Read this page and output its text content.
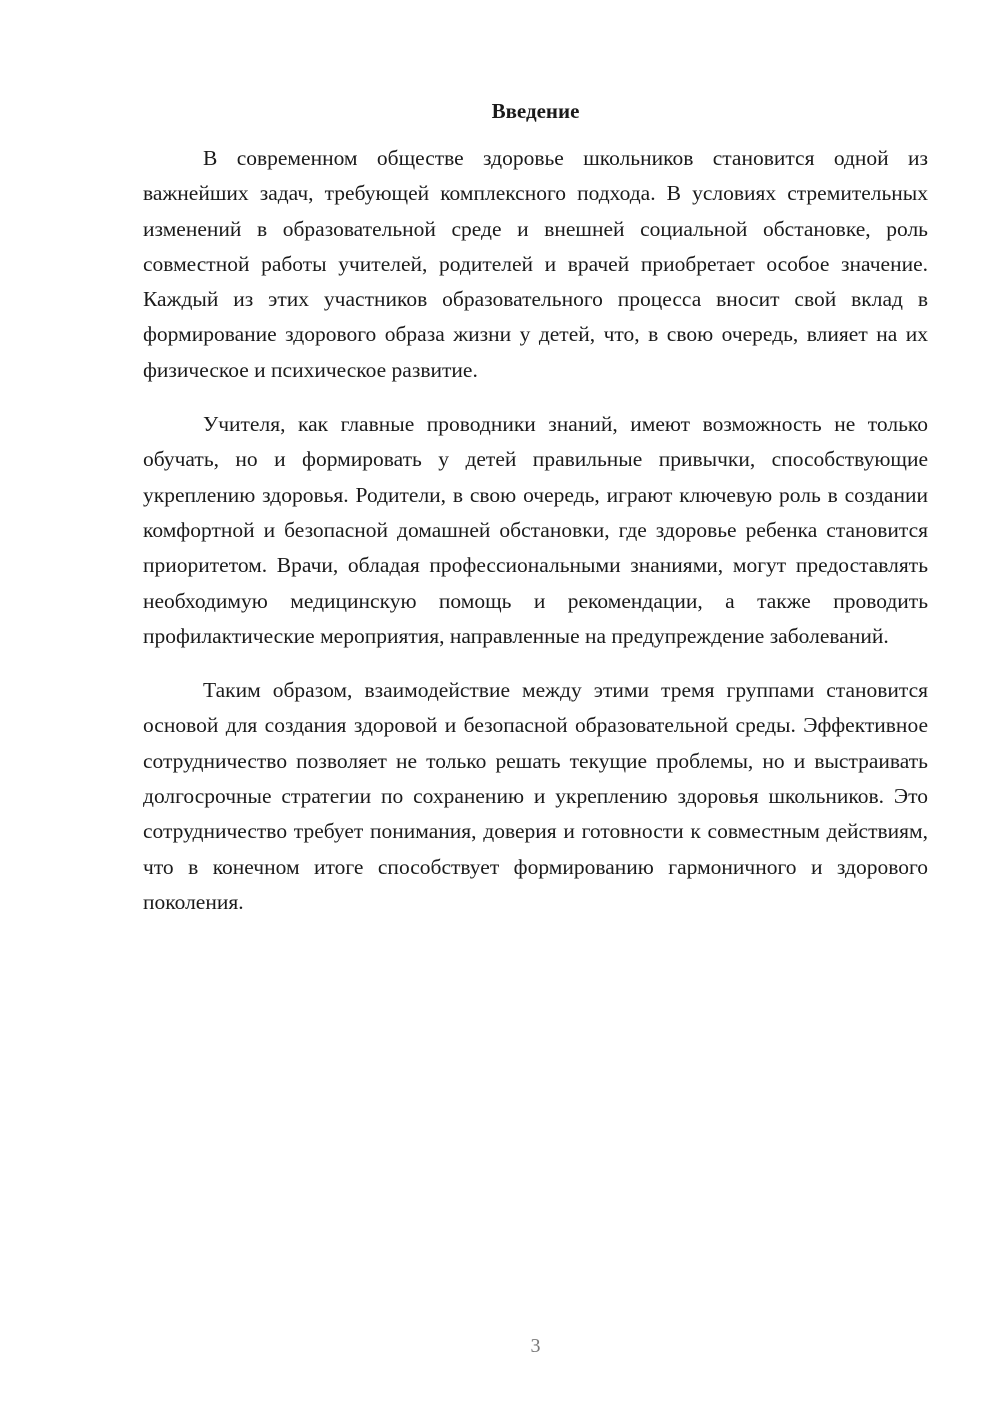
Введение

В современном обществе здоровье школьников становится одной из важнейших задач, требующей комплексного подхода. В условиях стремительных изменений в образовательной среде и внешней социальной обстановке, роль совместной работы учителей, родителей и врачей приобретает особое значение. Каждый из этих участников образовательного процесса вносит свой вклад в формирование здорового образа жизни у детей, что, в свою очередь, влияет на их физическое и психическое развитие.

Учителя, как главные проводники знаний, имеют возможность не только обучать, но и формировать у детей правильные привычки, способствующие укреплению здоровья. Родители, в свою очередь, играют ключевую роль в создании комфортной и безопасной домашней обстановки, где здоровье ребенка становится приоритетом. Врачи, обладая профессиональными знаниями, могут предоставлять необходимую медицинскую помощь и рекомендации, а также проводить профилактические мероприятия, направленные на предупреждение заболеваний.

Таким образом, взаимодействие между этими тремя группами становится основой для создания здоровой и безопасной образовательной среды. Эффективное сотрудничество позволяет не только решать текущие проблемы, но и выстраивать долгосрочные стратегии по сохранению и укреплению здоровья школьников. Это сотрудничество требует понимания, доверия и готовности к совместным действиям, что в конечном итоге способствует формированию гармоничного и здорового поколения.

3
